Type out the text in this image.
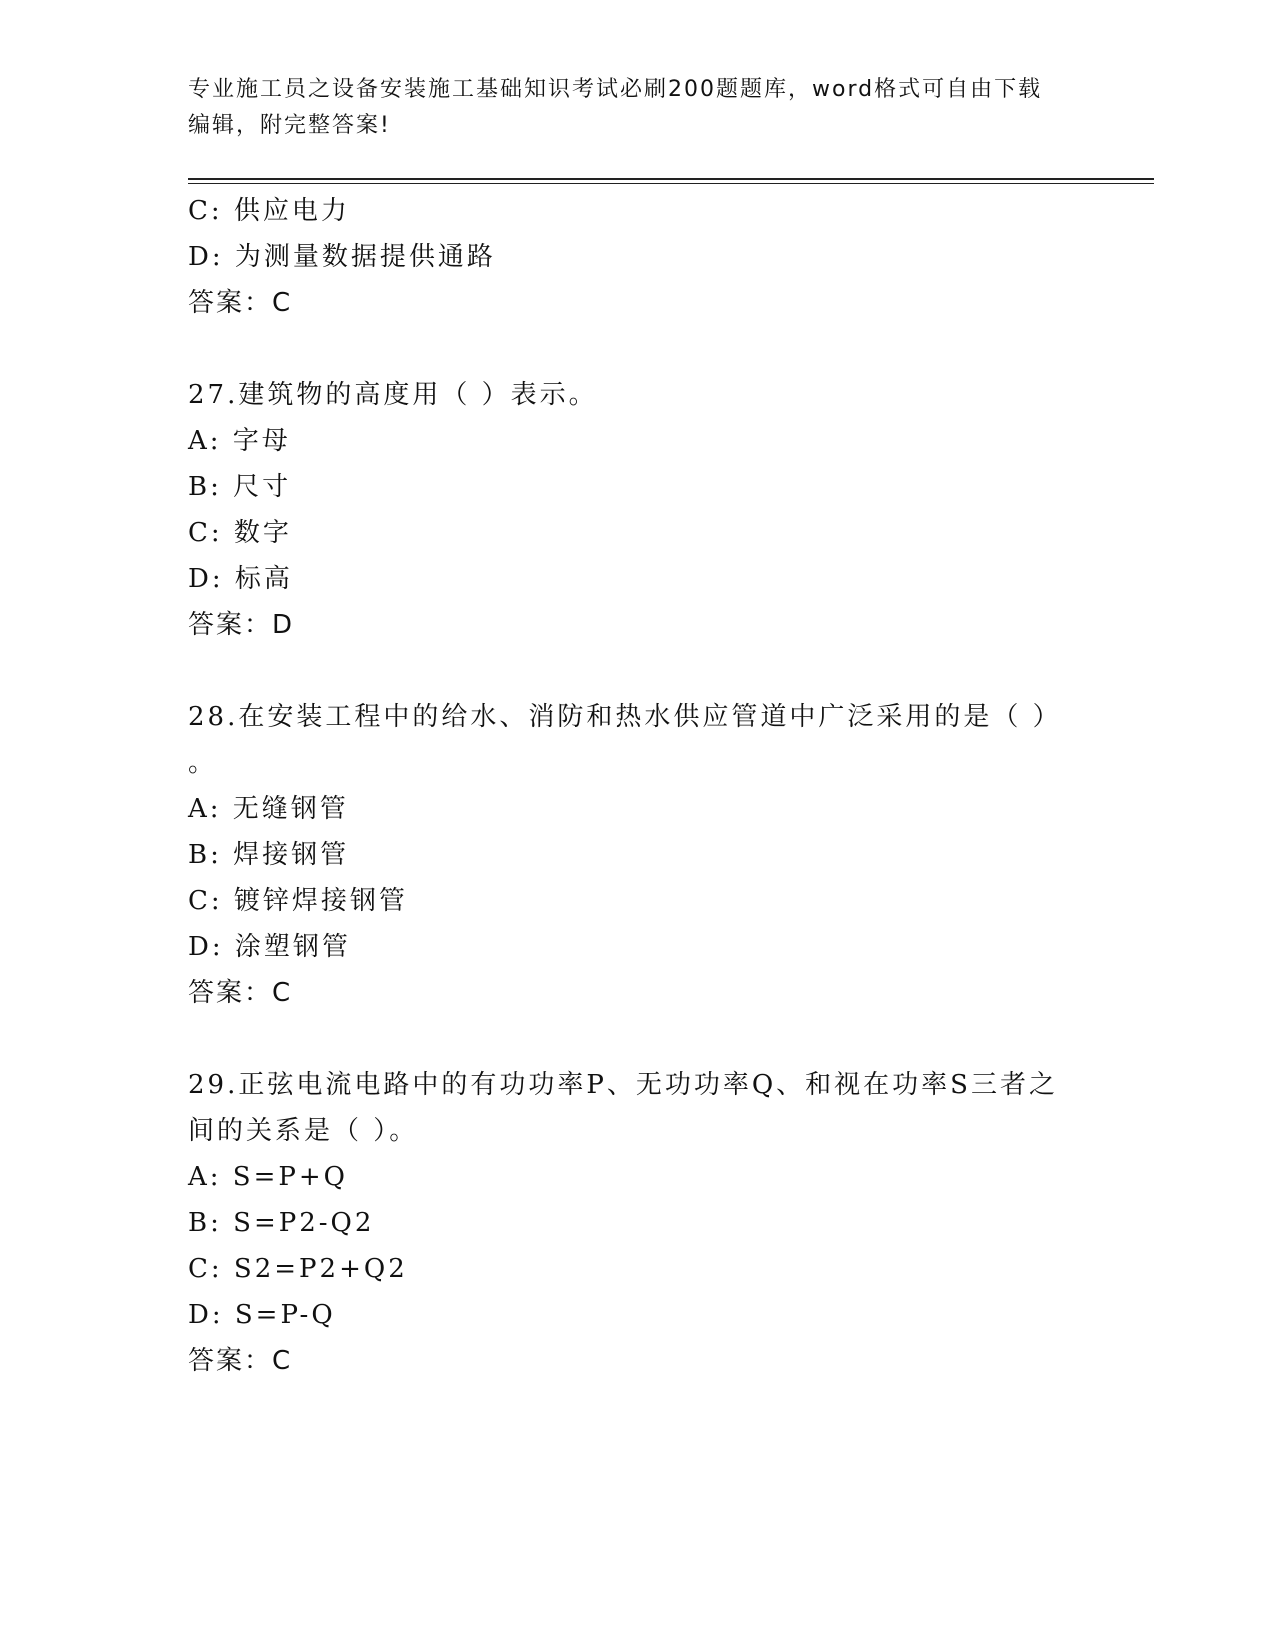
专业施工员之设备安装施工基础知识考试必刷200题题库，word格式可自由下载
编辑，附完整答案!
C: 供应电力
D: 为测量数据提供通路
答案：C
27.建筑物的高度用（ ）表示。
A: 字母
B: 尺寸
C: 数字
D: 标高
答案：D
28.在安装工程中的给水、消防和热水供应管道中广泛采用的是（ ）
。
A: 无缝钢管
B: 焊接钢管
C: 镀锌焊接钢管
D: 涂塑钢管
答案：C
29.正弦电流电路中的有功功率P、无功功率Q、和视在功率S三者之
间的关系是（ ）。
A: S=P+Q
B: S=P2-Q2
C: S2=P2+Q2
D: S=P-Q
答案：C
